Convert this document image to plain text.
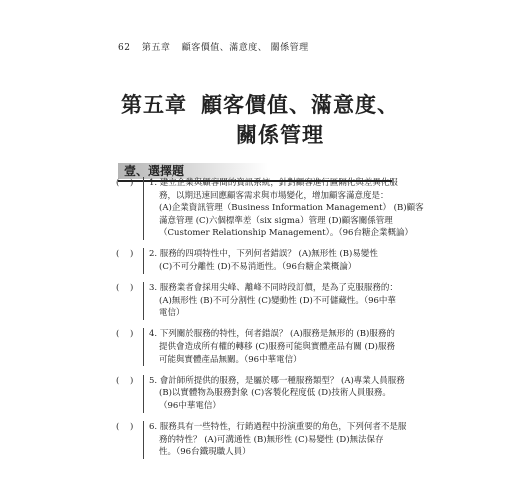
62 第五章 顧客價值、滿意度、 關係管理
第五章 顧客價值、滿意度、
關係管理
壹、選擇題
( ) 1. 建立企業與顧客間的資訊系統，針對顧客進行區隔化與差異化服
務，以期迅速回應顧客需求與市場變化，增加顧客滿意度是：
(A)企業資訊管理（Business Information Management） (B)顧客
滿意管理 (C)六個標準差（six sigma）管理 (D)顧客關係管理
（Customer Relationship Management）。（96台糖企業概論）
( ) 2. 服務的四項特性中，下列何者錯誤？ (A)無形性 (B)易變性
(C)不可分離性 (D)不易消逝性。（96台糖企業概論）
( ) 3. 服務業者會採用尖峰、離峰不同時段訂價，是為了克服服務的：
(A)無形性 (B)不可分割性 (C)變動性 (D)不可儲藏性。（96中華
電信）
( ) 4. 下列關於服務的特性，何者錯誤？ (A)服務是無形的 (B)服務的
提供會造成所有權的轉移 (C)服務可能與實體產品有關 (D)服務
可能與實體產品無關。（96中華電信）
( ) 5. 會計師所提供的服務，是屬於哪一種服務類型？ (A)專業人員服務
(B)以實體物為服務對象 (C)客製化程度低 (D)技術人員服務。
（96中華電信）
( ) 6. 服務具有一些特性，行銷過程中扮演重要的角色，下列何者不是服
務的特性？ (A)可溝通性 (B)無形性 (C)易變性 (D)無法保存
性。（96台鐵現職人員）
